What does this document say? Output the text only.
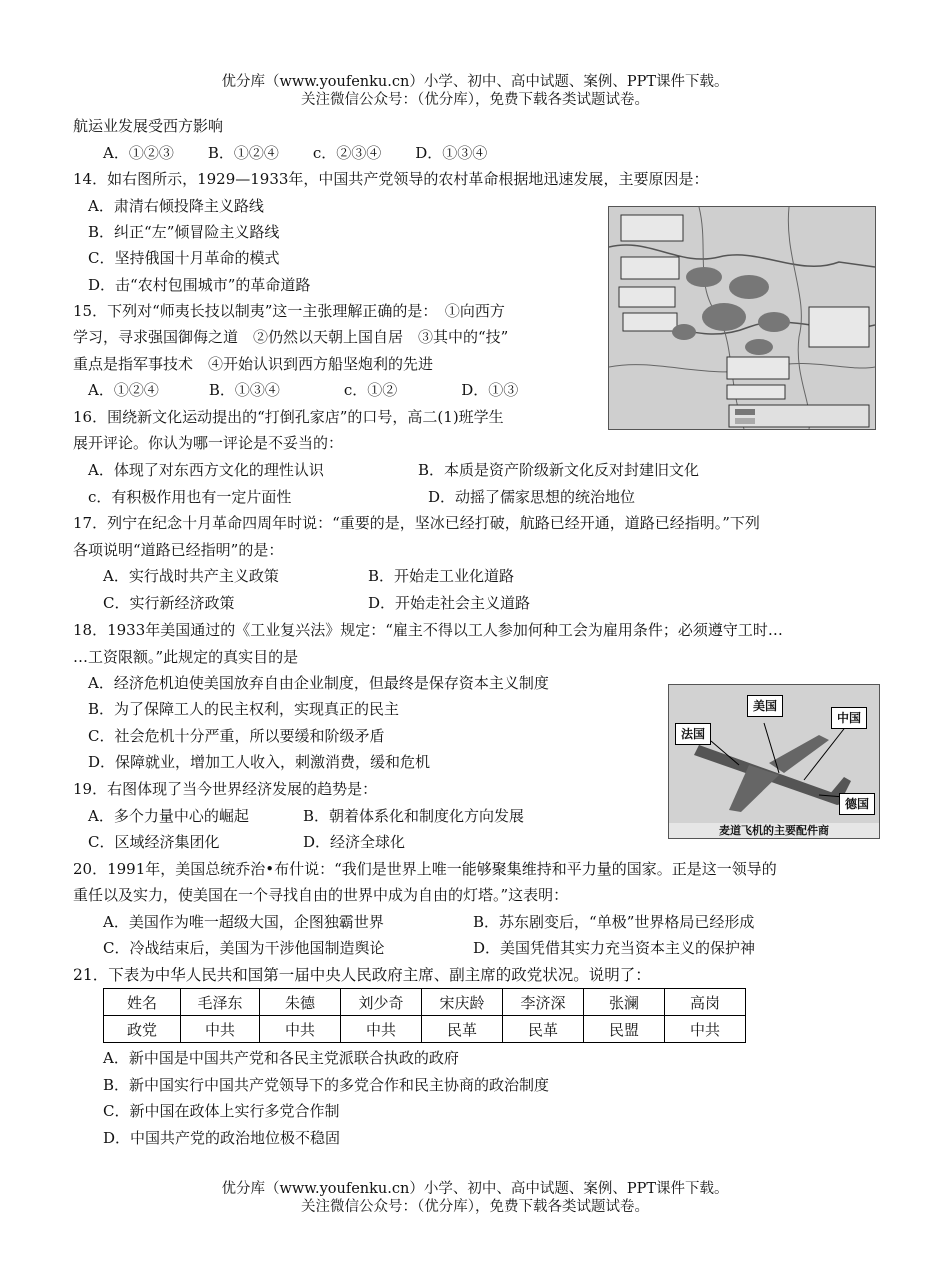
优分库（www.youfenku.cn）小学、初中、高中试题、案例、PPT课件下载。
关注微信公众号：（优分库），免费下载各类试题试卷。
航运业发展受西方影响
A．①②③ B．①②④ c．②③④ D．①③④
14．如右图所示，1929—1933年，中国共产党领导的农村革命根据地迅速发展，主要原因是：
A．肃清右倾投降主义路线
B．纠正“左”倾冒险主义路线
C．坚持俄国十月革命的模式
D．击“农村包围城市”的革命道路
15．下列对“师夷长技以制夷”这一主张理解正确的是：　①向西方
学习，寻求强国御侮之道　②仍然以天朝上国自居　③其中的“技”
重点是指军事技术　④开始认识到西方船坚炮利的先进
A．①②④	B．①③④	c．①②	D．①③
16．围绕新文化运动提出的“打倒孔家店”的口号，高二(1)班学生
展开评论。你认为哪一评论是不妥当的：
A．体现了对东西方文化的理性认识	B．本质是资产阶级新文化反对封建旧文化
c．有积极作用也有一定片面性	D．动摇了儒家思想的统治地位
17．列宁在纪念十月革命四周年时说：“重要的是，坚冰已经打破，航路已经开通，道路已经指明。”下列
各项说明“道路已经指明”的是：
A．实行战时共产主义政策	B．开始走工业化道路
C．实行新经济政策	D．开始走社会主义道路
18．1933年美国通过的《工业复兴法》规定：“雇主不得以工人参加何种工会为雇用条件；必须遵守工时…
…工资限额。”此规定的真实目的是
A．经济危机迫使美国放弃自由企业制度，但最终是保存资本主义制度
B．为了保障工人的民主权利，实现真正的民主
C．社会危机十分严重，所以要缓和阶级矛盾
D．保障就业，增加工人收入，刺激消费，缓和危机
美国
中国
法国
德国
麦道飞机的主要配件商
19．右图体现了当今世界经济发展的趋势是：
A．多个力量中心的崛起	B．朝着体系化和制度化方向发展
C．区域经济集团化	D．经济全球化
20．1991年，美国总统乔治•布什说：“我们是世界上唯一能够聚集维持和平力量的国家。正是这一领导的
重任以及实力，使美国在一个寻找自由的世界中成为自由的灯塔。”这表明：
A．美国作为唯一超级大国，企图独霸世界	B．苏东剧变后，“单极”世界格局已经形成
C．冷战结束后，美国为干涉他国制造舆论	D．美国凭借其实力充当资本主义的保护神
21．下表为中华人民共和国第一届中央人民政府主席、副主席的政党状况。说明了：
姓名	毛泽东	朱德	刘少奇	宋庆龄	李济深	张澜	高岗
政党	中共	中共	中共	民革	民革	民盟	中共
A．新中国是中国共产党和各民主党派联合执政的政府
B．新中国实行中国共产党领导下的多党合作和民主协商的政治制度
C．新中国在政体上实行多党合作制
D．中国共产党的政治地位极不稳固
优分库（www.youfenku.cn）小学、初中、高中试题、案例、PPT课件下载。
关注微信公众号：（优分库），免费下载各类试题试卷。
